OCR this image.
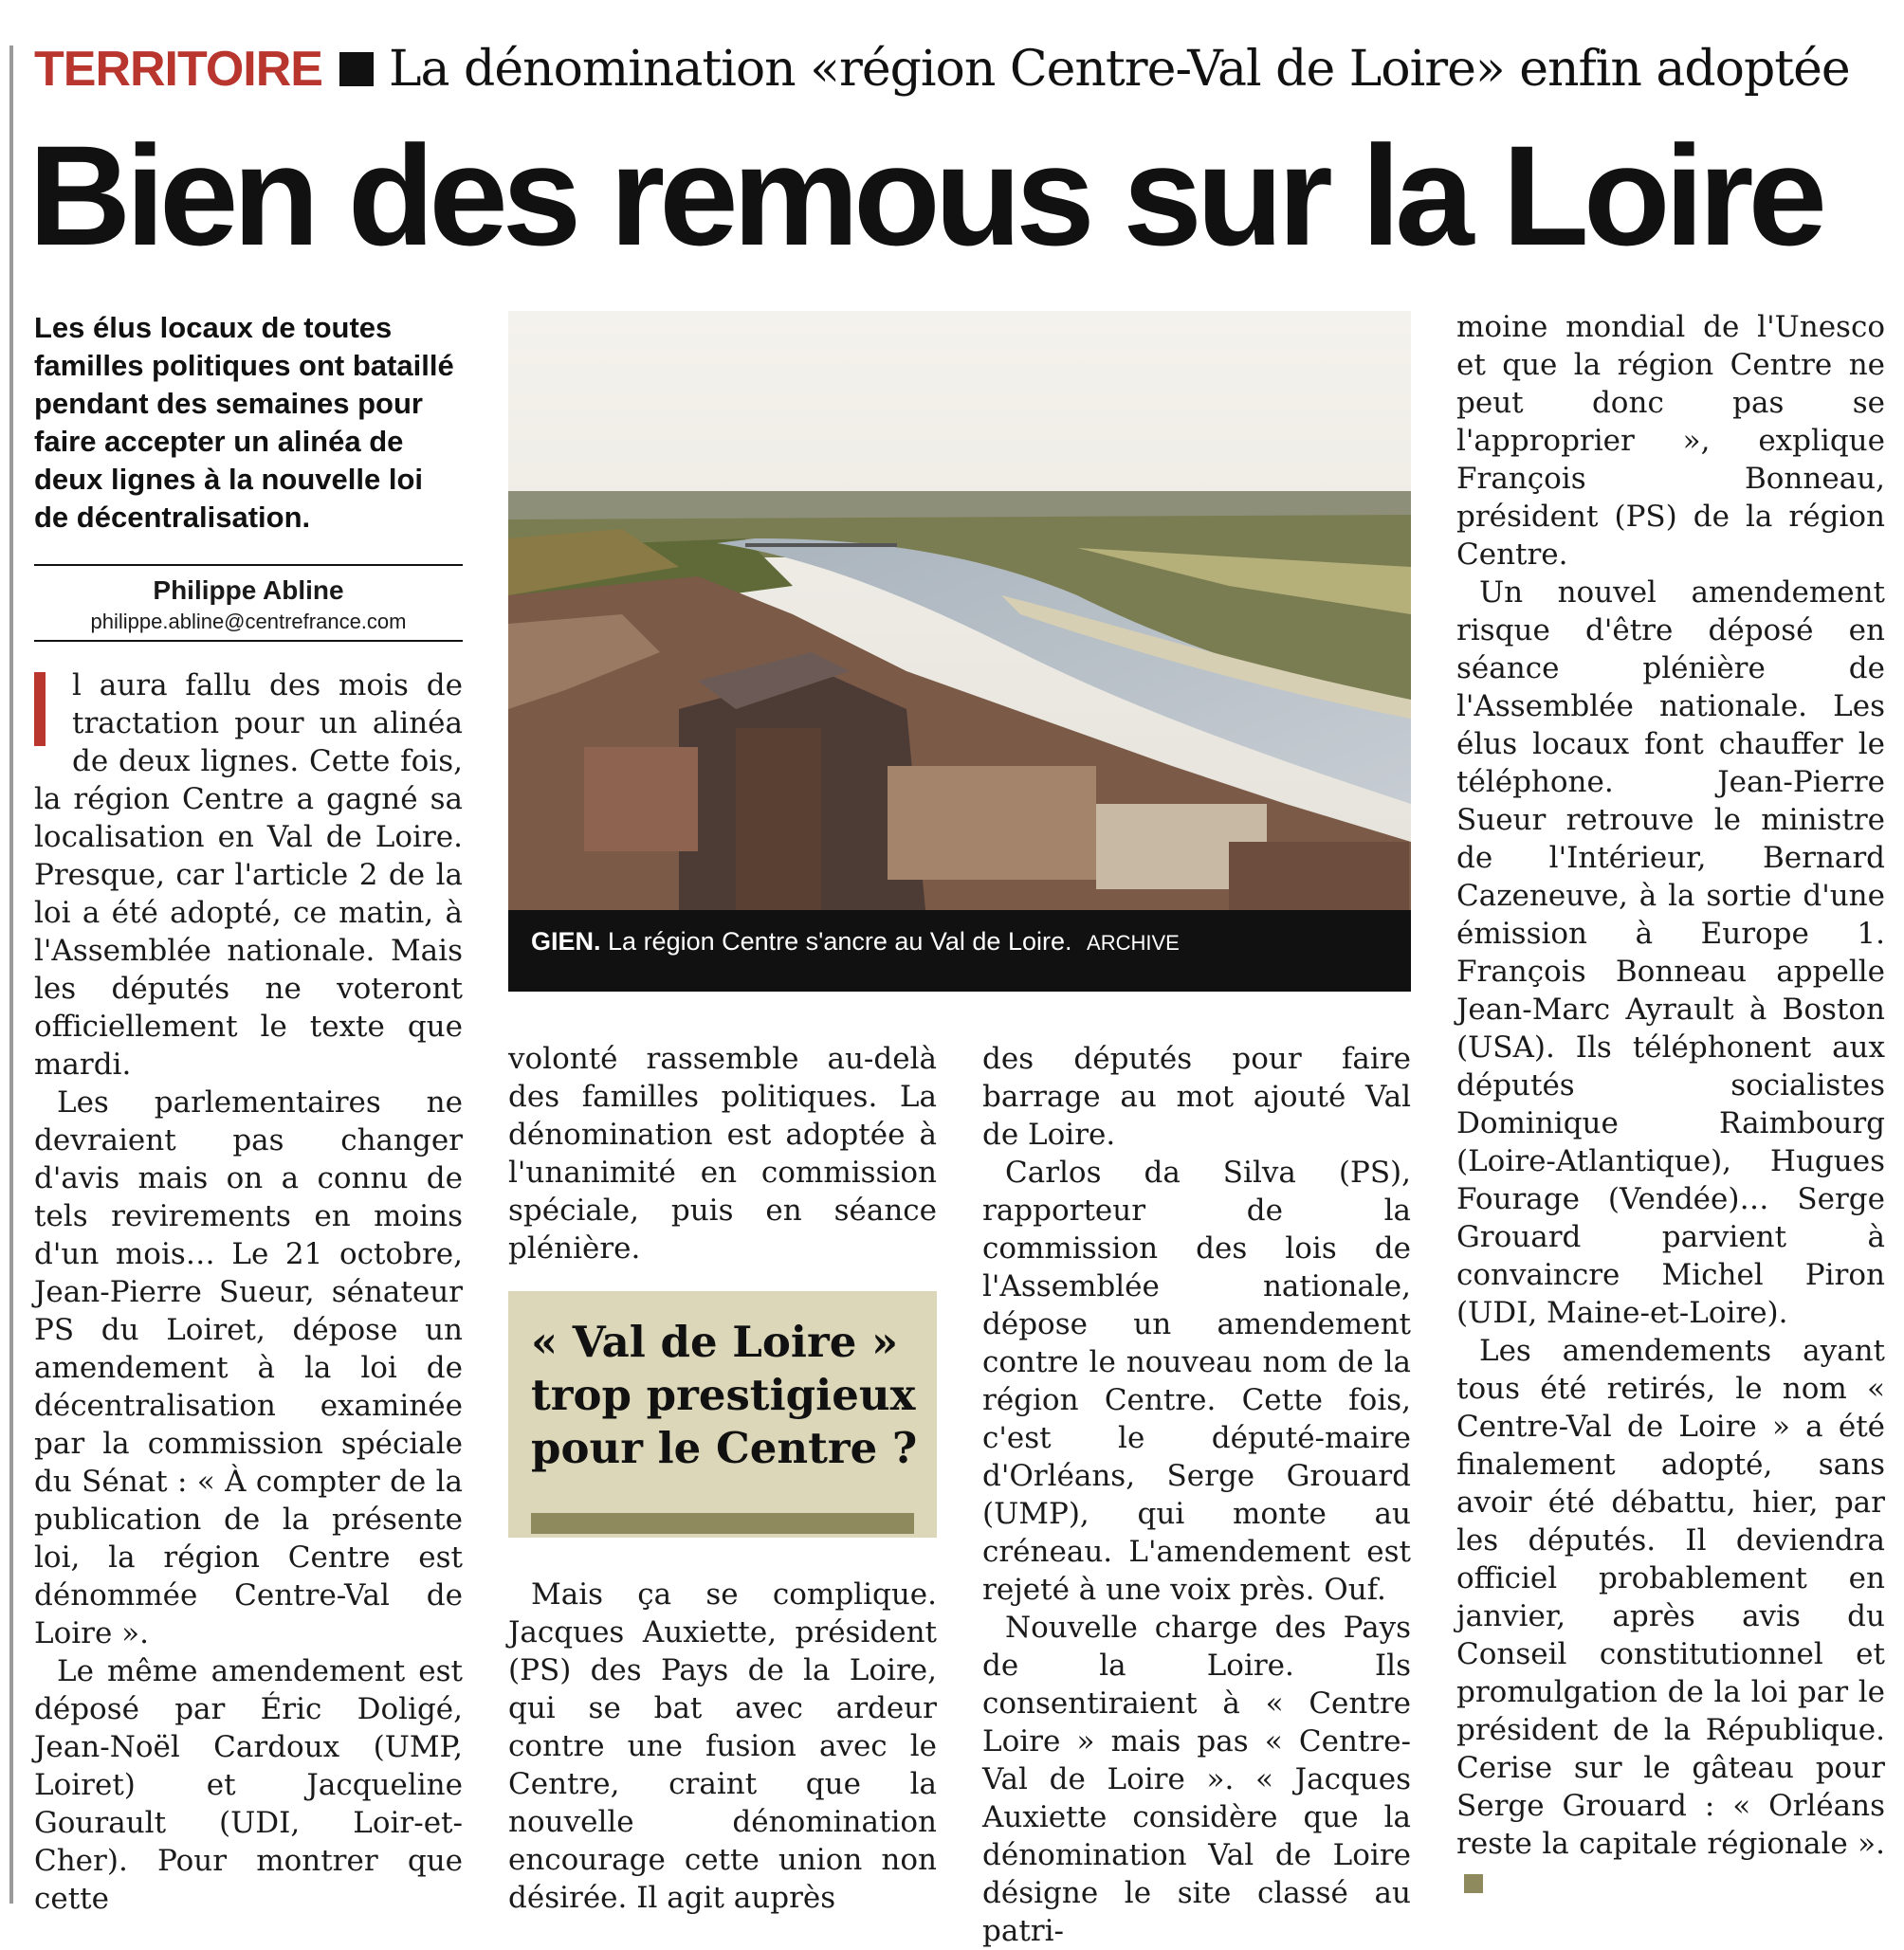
TERRITOIRE La dénomination «région Centre-Val de Loire» enfin adoptée
Bien des remous sur la Loire
Les élus locaux de toutes familles politiques ont bataillé pendant des semaines pour faire accepter un alinéa de deux lignes à la nouvelle loi de décentralisation.
Philippe Abline
philippe.abline@centrefrance.com

l aura fallu des mois de tractation pour un alinéa de deux lignes. Cette fois, la région Centre a gagné sa localisation en Val de Loire. Presque, car l'article 2 de la loi a été adopté, ce matin, à l'Assemblée nationale. Mais les députés ne voteront officiellement le texte que mardi.

Les parlementaires ne devraient pas changer d'avis mais on a connu de tels revirements en moins d'un mois… Le 21 octobre, Jean-Pierre Sueur, sénateur PS du Loiret, dépose un amendement à la loi de décentralisation examinée par la commission spéciale du Sénat : « À compter de la publication de la présente loi, la région Centre est dénommée Centre-Val de Loire ».

Le même amendement est déposé par Éric Doligé, Jean-Noël Cardoux (UMP, Loiret) et Jacqueline Gourault (UDI, Loir-et-Cher). Pour montrer que cette

GIEN. La région Centre s'ancre au Val de Loire. ARCHIVE

volonté rassemble au-delà des familles politiques. La dénomination est adoptée à l'unanimité en commission spéciale, puis en séance plénière.

« Val de Loire » trop prestigieux pour le Centre ?

Mais ça se complique. Jacques Auxiette, président (PS) des Pays de la Loire, qui se bat avec ardeur contre une fusion avec le Centre, craint que la nouvelle dénomination encourage cette union non désirée. Il agit auprès

des députés pour faire barrage au mot ajouté Val de Loire.

Carlos da Silva (PS), rapporteur de la commission des lois de l'Assemblée nationale, dépose un amendement contre le nouveau nom de la région Centre. Cette fois, c'est le député-maire d'Orléans, Serge Grouard (UMP), qui monte au créneau. L'amendement est rejeté à une voix près. Ouf.

Nouvelle charge des Pays de la Loire. Ils consentiraient à « Centre Loire » mais pas « Centre-Val de Loire ». « Jacques Auxiette considère que la dénomination Val de Loire désigne le site classé au patri-

moine mondial de l'Unesco et que la région Centre ne peut donc pas se l'approprier », explique François Bonneau, président (PS) de la région Centre.

Un nouvel amendement risque d'être déposé en séance plénière de l'Assemblée nationale. Les élus locaux font chauffer le téléphone. Jean-Pierre Sueur retrouve le ministre de l'Intérieur, Bernard Cazeneuve, à la sortie d'une émission à Europe 1. François Bonneau appelle Jean-Marc Ayrault à Boston (USA). Ils téléphonent aux députés socialistes Dominique Raimbourg (Loire-Atlantique), Hugues Fourage (Vendée)… Serge Grouard parvient à convaincre Michel Piron (UDI, Maine-et-Loire).

Les amendements ayant tous été retirés, le nom « Centre-Val de Loire » a été finalement adopté, sans avoir été débattu, hier, par les députés. Il deviendra officiel probablement en janvier, après avis du Conseil constitutionnel et promulgation de la loi par le président de la République. Cerise sur le gâteau pour Serge Grouard : « Orléans reste la capitale régionale ».
